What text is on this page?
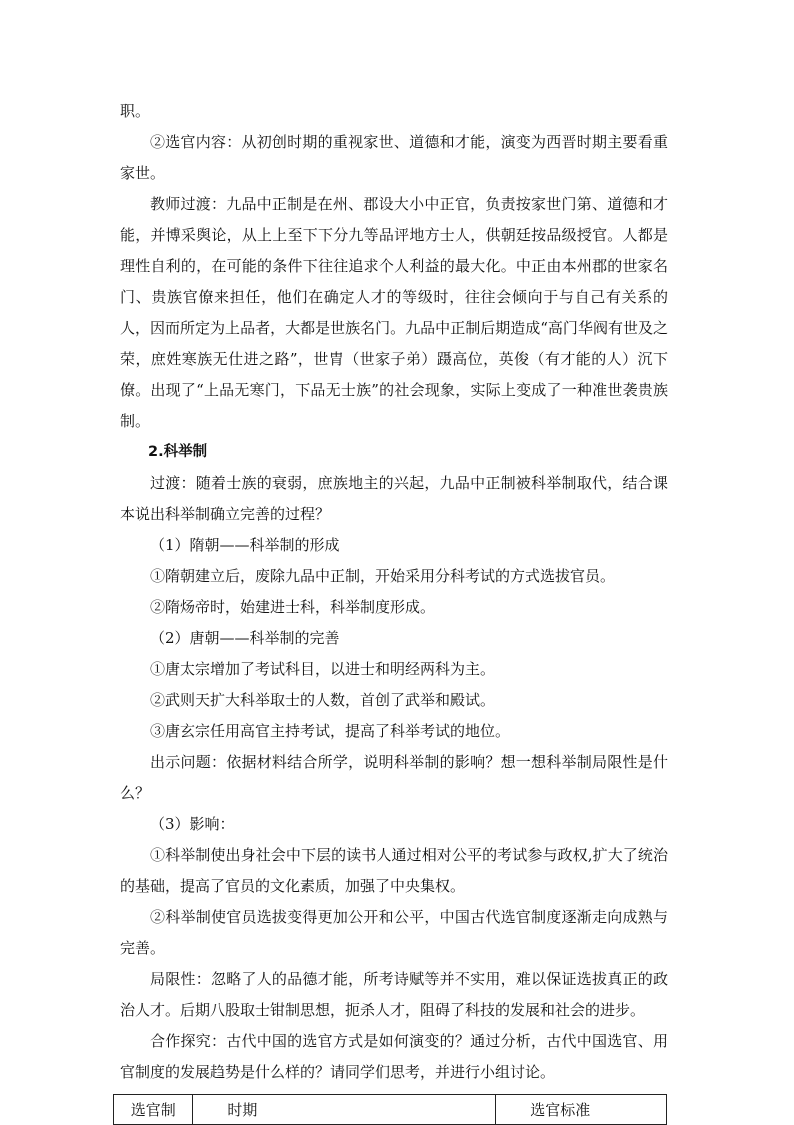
职。

②选官内容：从初创时期的重视家世、道德和才能，演变为西晋时期主要看重家世。

教师过渡：九品中正制是在州、郡设大小中正官，负责按家世门第、道德和才能，并博采舆论，从上上至下下分九等品评地方士人，供朝廷按品级授官。人都是理性自利的，在可能的条件下往往追求个人利益的最大化。中正由本州郡的世家名门、贵族官僚来担任，他们在确定人才的等级时，往往会倾向于与自己有关系的人，因而所定为上品者，大都是世族名门。九品中正制后期造成“高门华阀有世及之荣，庶姓寒族无仕进之路”，世胄（世家子弟）蹑高位，英俊（有才能的人）沉下僚。出现了“上品无寒门，下品无士族”的社会现象，实际上变成了一种准世袭贵族制。

2.科举制

过渡：随着士族的衰弱，庶族地主的兴起，九品中正制被科举制取代，结合课本说出科举制确立完善的过程？

（1）隋朝——科举制的形成

①隋朝建立后，废除九品中正制，开始采用分科考试的方式选拔官员。

②隋炀帝时，始建进士科，科举制度形成。

（2）唐朝——科举制的完善

①唐太宗增加了考试科目，以进士和明经两科为主。

②武则天扩大科举取士的人数，首创了武举和殿试。

③唐玄宗任用高官主持考试，提高了科举考试的地位。

出示问题：依据材料结合所学，说明科举制的影响？想一想科举制局限性是什么？

（3）影响：

①科举制使出身社会中下层的读书人通过相对公平的考试参与政权,扩大了统治的基础，提高了官员的文化素质，加强了中央集权。

②科举制使官员选拔变得更加公开和公平，中国古代选官制度逐渐走向成熟与完善。

局限性：忽略了人的品德才能，所考诗赋等并不实用，难以保证选拔真正的政治人才。后期八股取士钳制思想，扼杀人才，阻碍了科技的发展和社会的进步。

合作探究：古代中国的选官方式是如何演变的？通过分析，古代中国选官、用官制度的发展趋势是什么样的？请同学们思考，并进行小组讨论。

选官制	时期	选官标准
